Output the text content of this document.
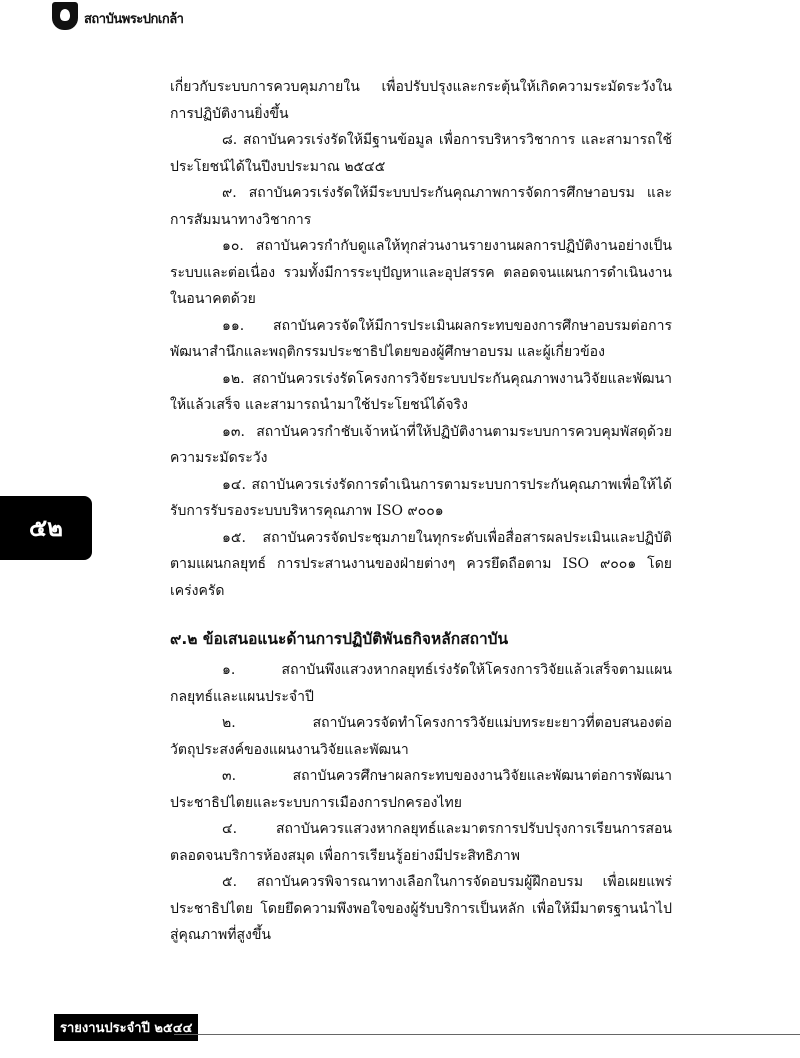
สถาบันพระปกเกล้า
๕๒

เกี่ยวกับระบบการควบคุมภายใน เพื่อปรับปรุงและกระตุ้นให้เกิดความระมัดระวังในการปฏิบัติงานยิ่งขึ้น

๘. สถาบันควรเร่งรัดให้มีฐานข้อมูล เพื่อการบริหารวิชาการ และสามารถใช้ประโยชน์ได้ในปีงบประมาณ ๒๕๔๕

๙. สถาบันควรเร่งรัดให้มีระบบประกันคุณภาพการจัดการศึกษาอบรม และการสัมมนาทางวิชาการ

๑๐. สถาบันควรกำกับดูแลให้ทุกส่วนงานรายงานผลการปฏิบัติงานอย่างเป็นระบบและต่อเนื่อง รวมทั้งมีการระบุปัญหาและอุปสรรค ตลอดจนแผนการดำเนินงานในอนาคตด้วย

๑๑. สถาบันควรจัดให้มีการประเมินผลกระทบของการศึกษาอบรมต่อการพัฒนาสำนึกและพฤติกรรมประชาธิปไตยของผู้ศึกษาอบรม และผู้เกี่ยวข้อง

๑๒. สถาบันควรเร่งรัดโครงการวิจัยระบบประกันคุณภาพงานวิจัยและพัฒนาให้แล้วเสร็จ และสามารถนำมาใช้ประโยชน์ได้จริง

๑๓. สถาบันควรกำชับเจ้าหน้าที่ให้ปฏิบัติงานตามระบบการควบคุมพัสดุด้วยความระมัดระวัง

๑๔. สถาบันควรเร่งรัดการดำเนินการตามระบบการประกันคุณภาพเพื่อให้ได้รับการรับรองระบบบริหารคุณภาพ ISO ๙๐๐๑

๑๕. สถาบันควรจัดประชุมภายในทุกระดับเพื่อสื่อสารผลประเมินและปฏิบัติตามแผนกลยุทธ์ การประสานงานของฝ่ายต่างๆ ควรยึดถือตาม ISO ๙๐๐๑ โดยเคร่งครัด

๙.๒ ข้อเสนอแนะด้านการปฏิบัติพันธกิจหลักสถาบัน

๑. สถาบันพึงแสวงหากลยุทธ์เร่งรัดให้โครงการวิจัยแล้วเสร็จตามแผนกลยุทธ์และแผนประจำปี

๒. สถาบันควรจัดทำโครงการวิจัยแม่บทระยะยาวที่ตอบสนองต่อวัตถุประสงค์ของแผนงานวิจัยและพัฒนา

๓. สถาบันควรศึกษาผลกระทบของงานวิจัยและพัฒนาต่อการพัฒนาประชาธิปไตยและระบบการเมืองการปกครองไทย

๔. สถาบันควรแสวงหากลยุทธ์และมาตรการปรับปรุงการเรียนการสอนตลอดจนบริการห้องสมุด เพื่อการเรียนรู้อย่างมีประสิทธิภาพ

๕. สถาบันควรพิจารณาทางเลือกในการจัดอบรมผู้ฝึกอบรม เพื่อเผยแพร่ประชาธิปไตย โดยยึดความพึงพอใจของผู้รับบริการเป็นหลัก เพื่อให้มีมาตรฐานนำไปสู่คุณภาพที่สูงขึ้น

รายงานประจำปี ๒๕๔๔
